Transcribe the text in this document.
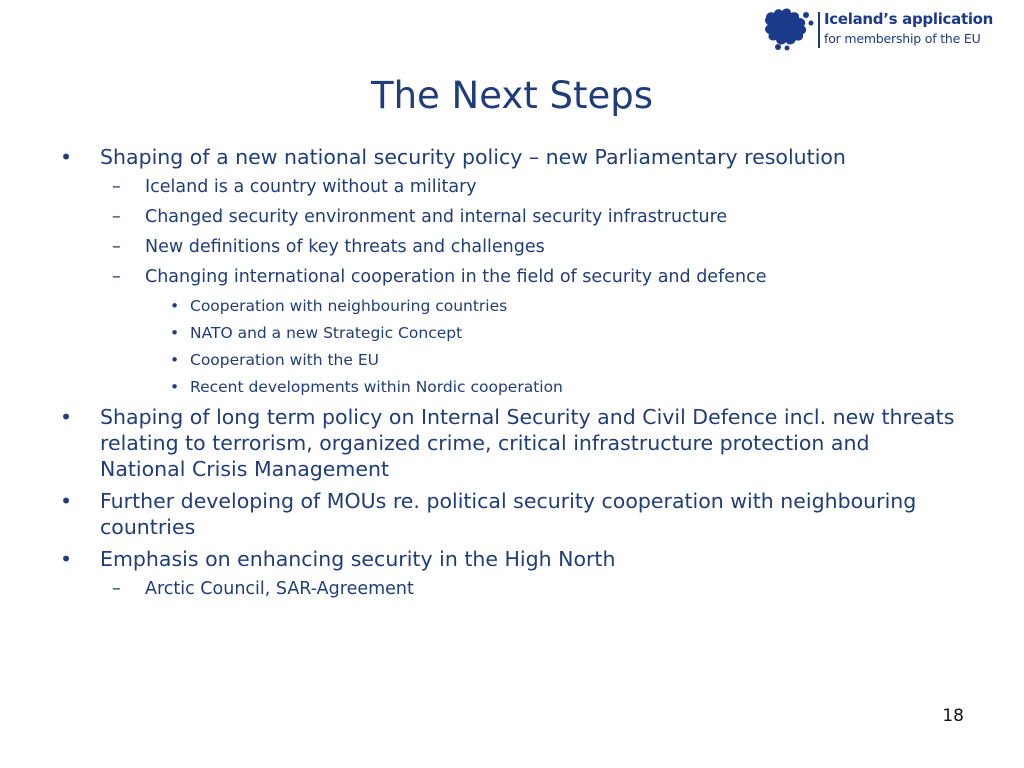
Iceland’s application
for membership of the EU
The Next Steps
•	Shaping of a new national security policy – new Parliamentary resolution
– Iceland is a country without a military
– Changed security environment and internal security infrastructure
– New definitions of key threats and challenges
– Changing international cooperation in the field of security and defence
• Cooperation with neighbouring countries
• NATO and a new Strategic Concept
• Cooperation with the EU
• Recent developments within Nordic cooperation
•	Shaping of long term policy on Internal Security and Civil Defence incl. new threats relating to terrorism, organized crime, critical infrastructure protection and National Crisis Management
•	Further developing of MOUs re. political security cooperation with neighbouring countries
•	Emphasis on enhancing security in the High North
– Arctic Council, SAR-Agreement
18
